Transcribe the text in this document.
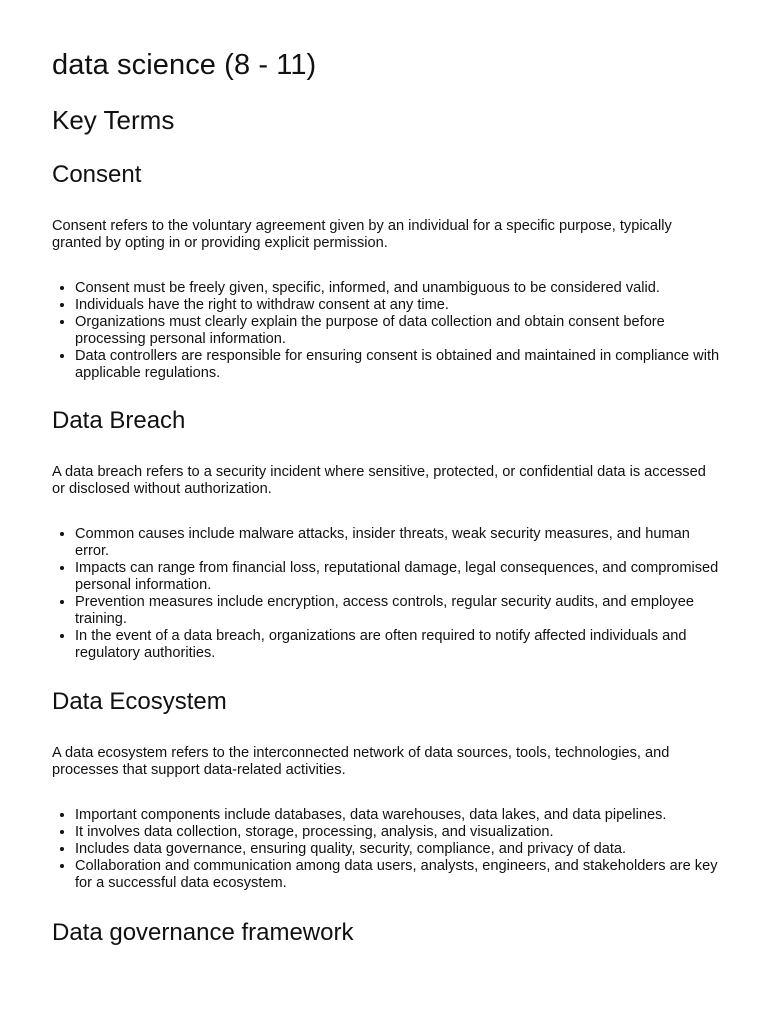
data science (8 - 11)
Key Terms
Consent

Consent refers to the voluntary agreement given by an individual for a specific purpose, typically granted by opting in or providing explicit permission.

• Consent must be freely given, specific, informed, and unambiguous to be considered valid.
• Individuals have the right to withdraw consent at any time.
• Organizations must clearly explain the purpose of data collection and obtain consent before processing personal information.
• Data controllers are responsible for ensuring consent is obtained and maintained in compliance with applicable regulations.
Data Breach

A data breach refers to a security incident where sensitive, protected, or confidential data is accessed or disclosed without authorization.

• Common causes include malware attacks, insider threats, weak security measures, and human error.
• Impacts can range from financial loss, reputational damage, legal consequences, and compromised personal information.
• Prevention measures include encryption, access controls, regular security audits, and employee training.
• In the event of a data breach, organizations are often required to notify affected individuals and regulatory authorities.
Data Ecosystem

A data ecosystem refers to the interconnected network of data sources, tools, technologies, and processes that support data-related activities.

• Important components include databases, data warehouses, data lakes, and data pipelines.
• It involves data collection, storage, processing, analysis, and visualization.
• Includes data governance, ensuring quality, security, compliance, and privacy of data.
• Collaboration and communication among data users, analysts, engineers, and stakeholders are key for a successful data ecosystem.
Data governance framework
